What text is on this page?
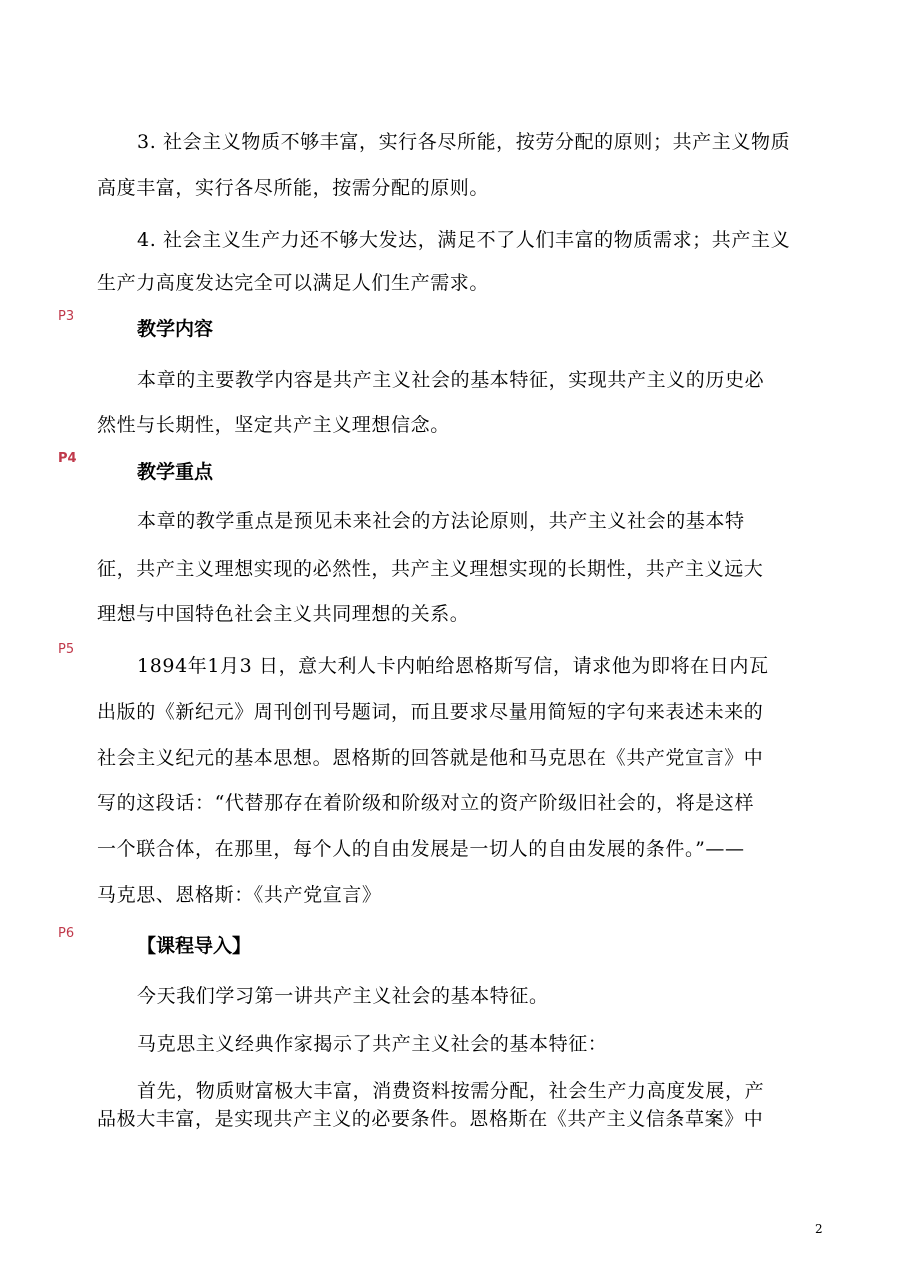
3. 社会主义物质不够丰富，实行各尽所能，按劳分配的原则；共产主义物质
高度丰富，实行各尽所能，按需分配的原则。
4. 社会主义生产力还不够大发达，满足不了人们丰富的物质需求；共产主义
生产力高度发达完全可以满足人们生产需求。
P3
教学内容
本章的主要教学内容是共产主义社会的基本特征，实现共产主义的历史必
然性与长期性，坚定共产主义理想信念。
P4
教学重点
本章的教学重点是预见未来社会的方法论原则，共产主义社会的基本特
征，共产主义理想实现的必然性，共产主义理想实现的长期性，共产主义远大
理想与中国特色社会主义共同理想的关系。
P5
1894年1月3 日，意大利人卡内帕给恩格斯写信，请求他为即将在日内瓦
出版的《新纪元》周刊创刊号题词，而且要求尽量用简短的字句来表述未来的
社会主义纪元的基本思想。恩格斯的回答就是他和马克思在《共产党宣言》中
写的这段话：“代替那存在着阶级和阶级对立的资产阶级旧社会的，将是这样
一个联合体，在那里，每个人的自由发展是一切人的自由发展的条件。”——
马克思、恩格斯：《共产党宣言》
P6
【课程导入】
今天我们学习第一讲共产主义社会的基本特征。
马克思主义经典作家揭示了共产主义社会的基本特征：
首先，物质财富极大丰富，消费资料按需分配，社会生产力高度发展，产
品极大丰富，是实现共产主义的必要条件。恩格斯在《共产主义信条草案》中
2
